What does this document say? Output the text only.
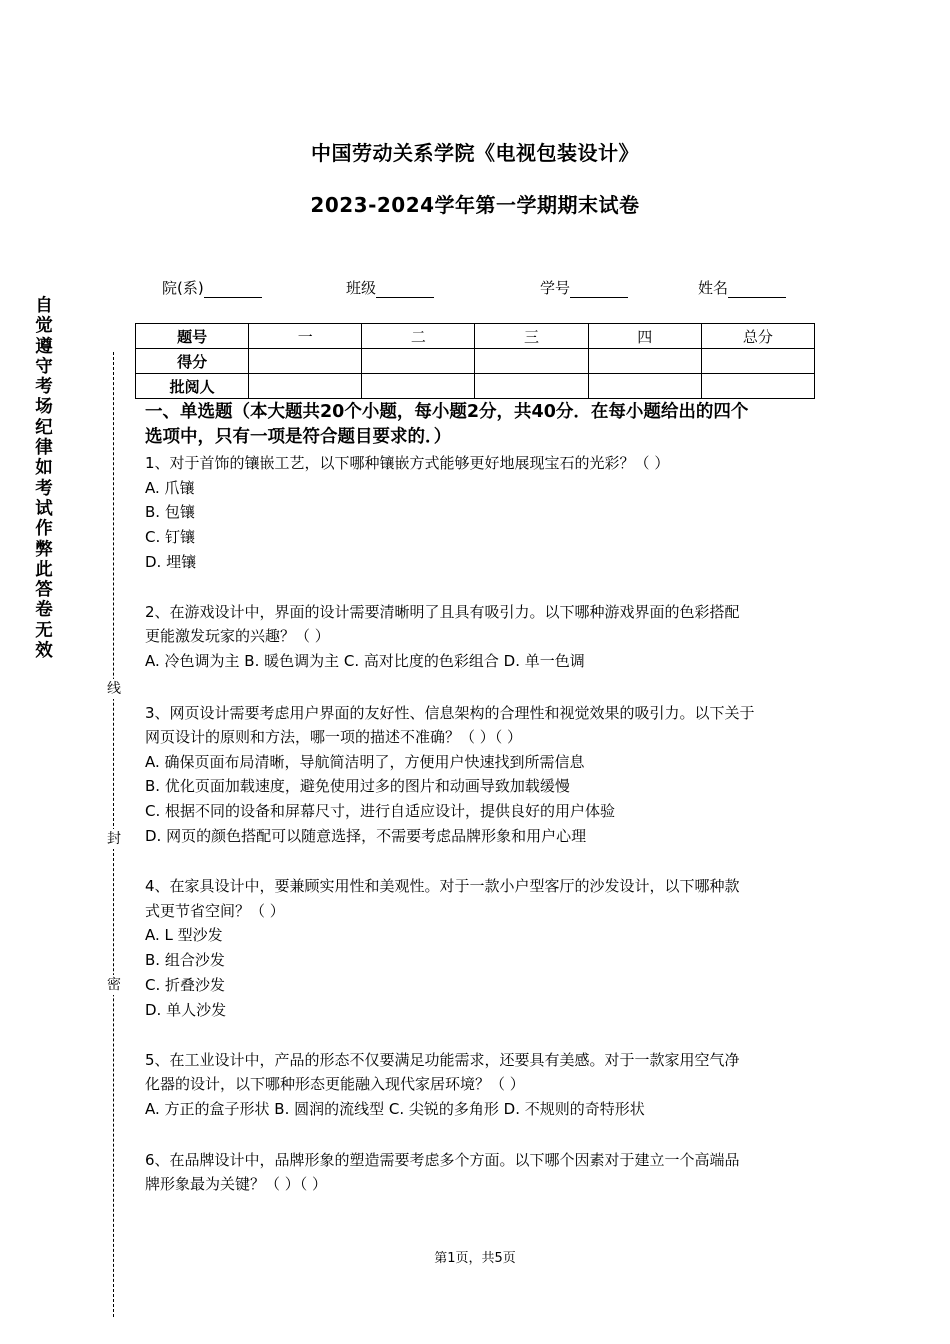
中国劳动关系学院《电视包装设计》
2023-2024学年第一学期期末试卷
院(系)	班级	学号	姓名
题号	一	二	三	四	总分
得分					
批阅人					
自
觉
遵
守
考
场
纪
律
如
考
试
作
弊
此
答
卷
无
效
线
封
密
一、单选题（本大题共20个小题，每小题2分，共40分．在每小题给出的四个
选项中，只有一项是符合题目要求的．）
1、对于首饰的镶嵌工艺，以下哪种镶嵌方式能够更好地展现宝石的光彩？（ ）
A. 爪镶
B. 包镶
C. 钉镶
D. 埋镶
2、在游戏设计中，界面的设计需要清晰明了且具有吸引力。以下哪种游戏界面的色彩搭配
更能激发玩家的兴趣？（ ）
A. 冷色调为主 B. 暖色调为主 C. 高对比度的色彩组合 D. 单一色调
3、网页设计需要考虑用户界面的友好性、信息架构的合理性和视觉效果的吸引力。以下关于
网页设计的原则和方法，哪一项的描述不准确？（ ）（ ）
A. 确保页面布局清晰，导航简洁明了，方便用户快速找到所需信息
B. 优化页面加载速度，避免使用过多的图片和动画导致加载缓慢
C. 根据不同的设备和屏幕尺寸，进行自适应设计，提供良好的用户体验
D. 网页的颜色搭配可以随意选择，不需要考虑品牌形象和用户心理
4、在家具设计中，要兼顾实用性和美观性。对于一款小户型客厅的沙发设计，以下哪种款
式更节省空间？（ ）
A. L 型沙发
B. 组合沙发
C. 折叠沙发
D. 单人沙发
5、在工业设计中，产品的形态不仅要满足功能需求，还要具有美感。对于一款家用空气净
化器的设计，以下哪种形态更能融入现代家居环境？（ ）
A. 方正的盒子形状 B. 圆润的流线型 C. 尖锐的多角形 D. 不规则的奇特形状
6、在品牌设计中，品牌形象的塑造需要考虑多个方面。以下哪个因素对于建立一个高端品
牌形象最为关键？（ ）（ ）
第1页，共5页
